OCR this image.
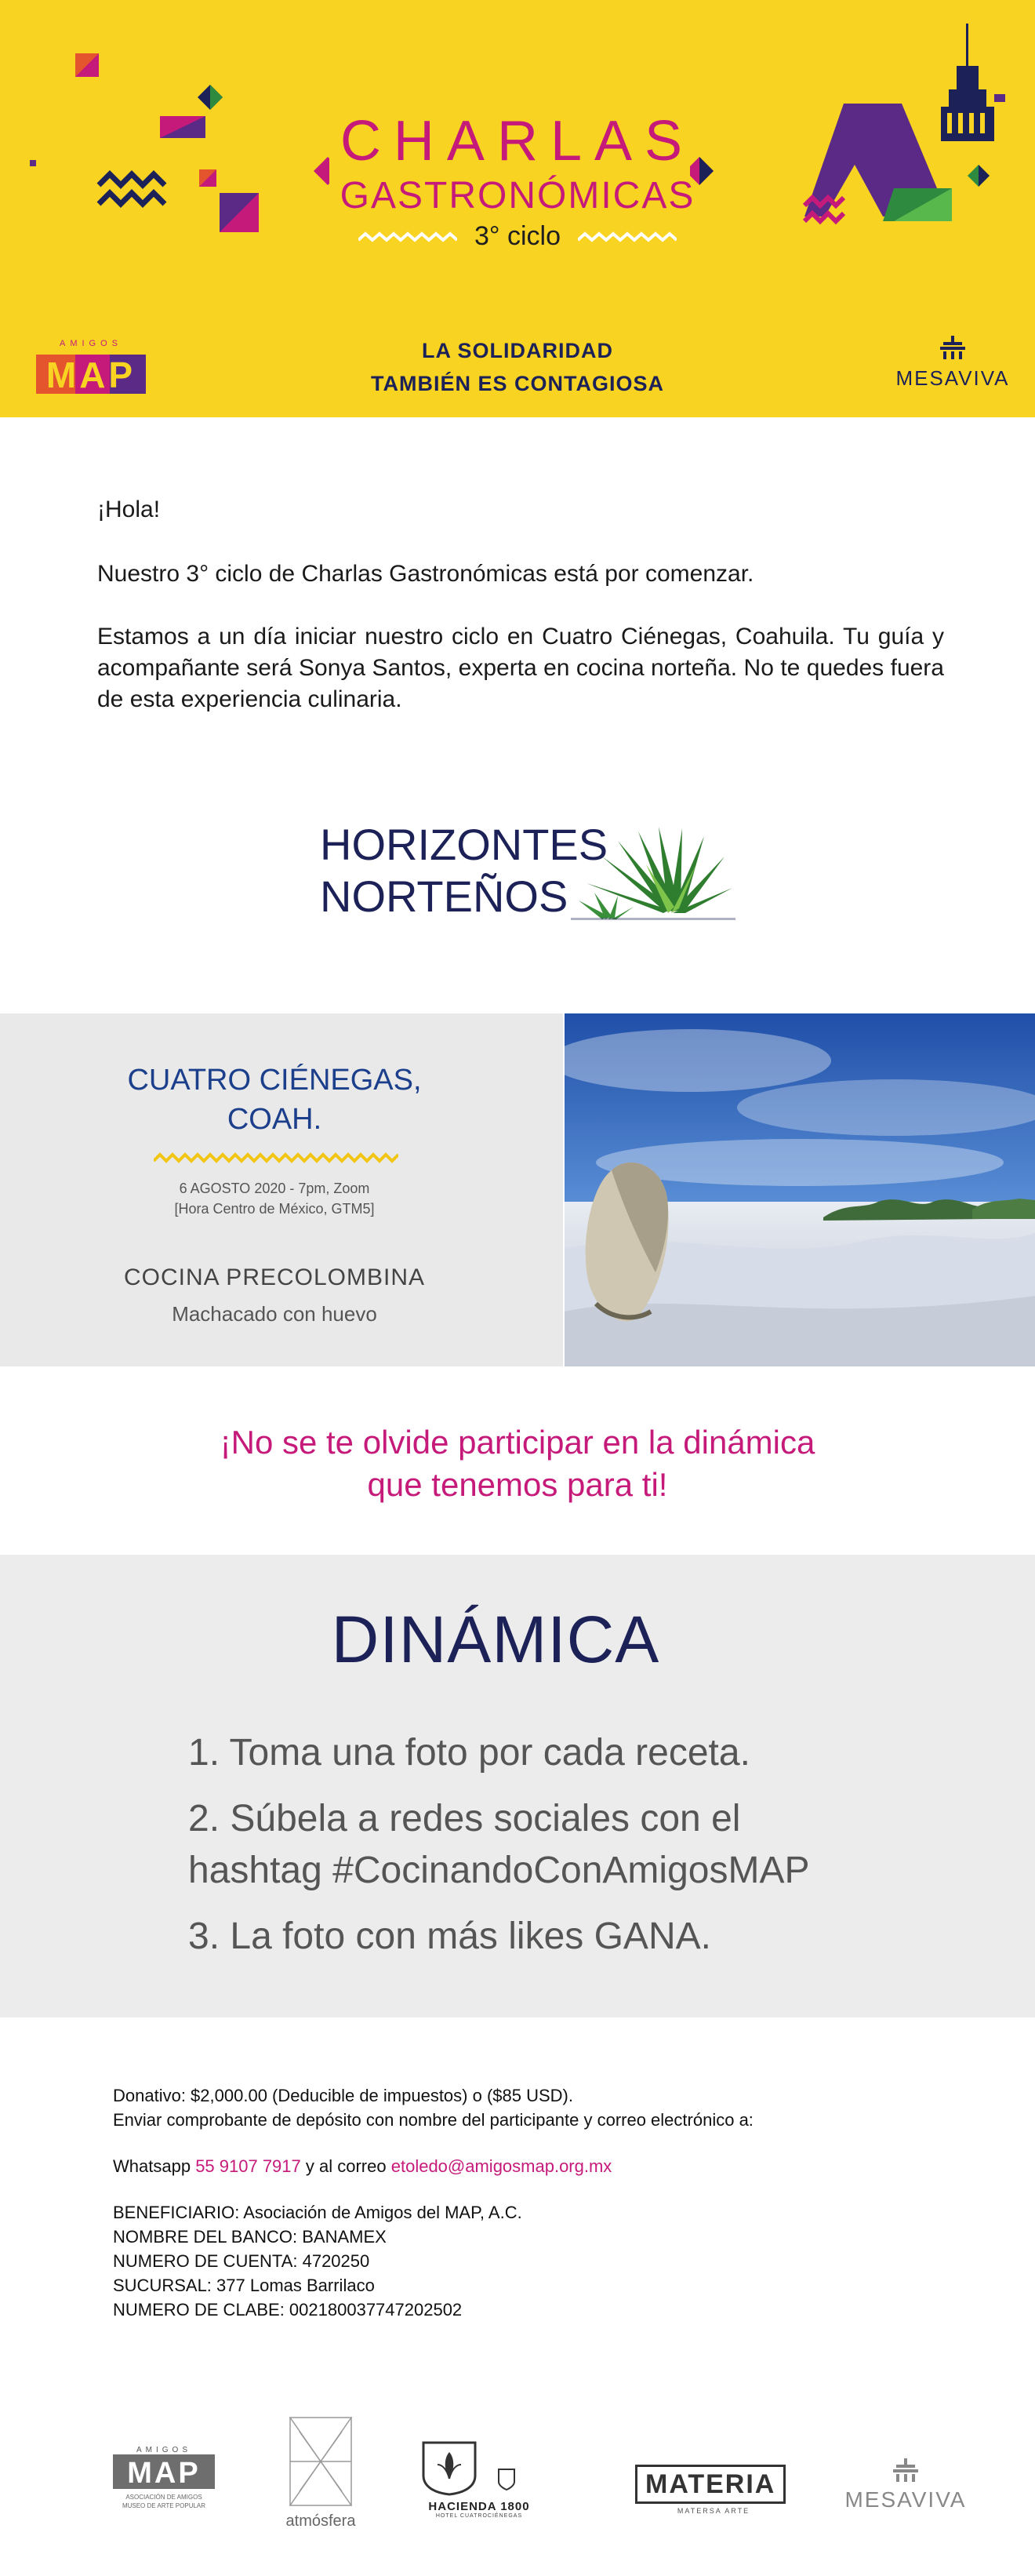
CHARLAS
GASTRONÓMICAS
3° ciclo
AMIGOS
MAP
LA SOLIDARIDAD
TAMBIÉN ES CONTAGIOSA	MESAVIVA

¡Hola!

Nuestro 3° ciclo de Charlas Gastronómicas está por comenzar.

Estamos a un día iniciar nuestro ciclo en Cuatro Ciénegas, Coahuila. Tu guía y acompañante será Sonya Santos, experta en cocina norteña. No te quedes fuera de esta experiencia culinaria.

HORIZONTES
NORTEÑOS
CUATRO CIÉNEGAS,
COAH.
6 AGOSTO 2020 - 7pm, Zoom
[Hora Centro de México, GTM5]
COCINA PRECOLOMBINA
Machacado con huevo
¡No se te olvide participar en la dinámica
que tenemos para ti!
DINÁMICA
1. Toma una foto por cada receta.
2. Súbela a redes sociales con el hashtag #CocinandoConAmigosMAP
3. La foto con más likes GANA.
Donativo: $2,000.00 (Deducible de impuestos) o ($85 USD).
Enviar comprobante de depósito con nombre del participante y correo electrónico a:
Whatsapp 55 9107 7917 y al correo etoledo@amigosmap.org.mx
BENEFICIARIO: Asociación de Amigos del MAP, A.C.
NOMBRE DEL BANCO: BANAMEX
NUMERO DE CUENTA: 4720250
SUCURSAL: 377 Lomas Barrilaco
NUMERO DE CLABE: 002180037747202502
AMIGOS
MAP
ASOCIACIÓN DE AMIGOS
MUSEO DE ARTE POPULAR
atmósfera
HACIENDA 1800
HOTEL CUATROCIÉNEGAS
MATERIA
MATERSA ARTE	MESAVIVA
